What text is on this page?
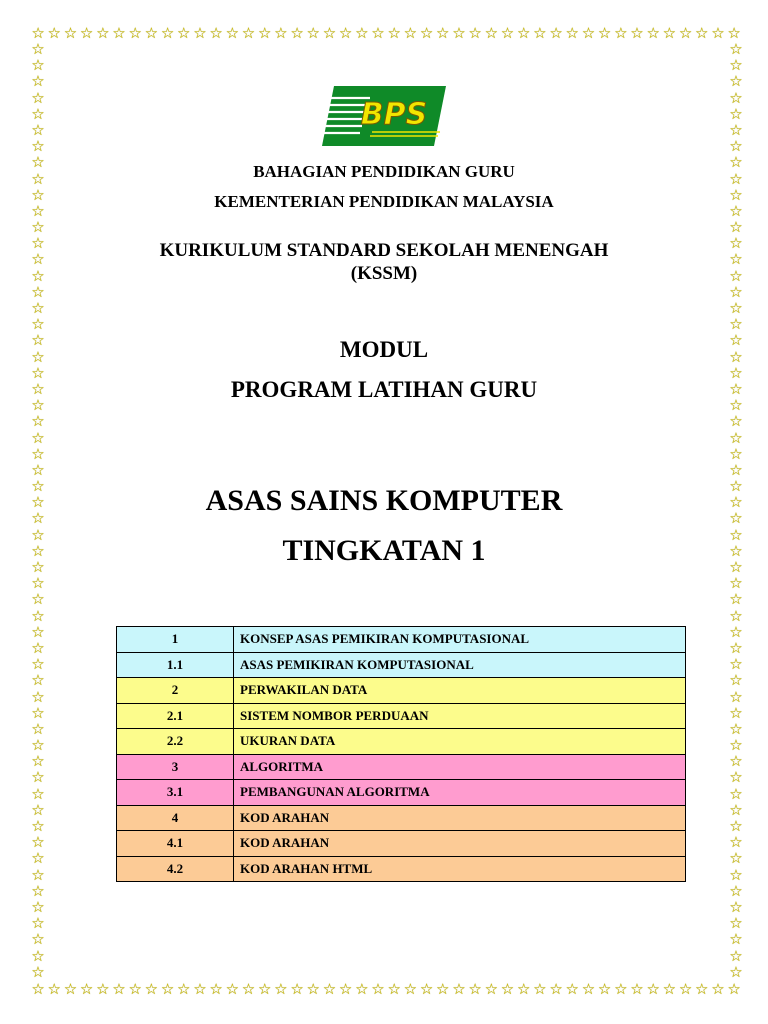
☆ ☆ ☆ ☆ ☆ ☆ ☆ ☆ ☆ ☆ ☆ ☆ ☆ ☆ ☆ ☆ ☆ ☆ ☆ ☆ ☆ ☆ ☆ ☆ ☆ ☆ ☆ ☆ ☆ ☆ ☆ ☆ ☆ ☆ ☆ ☆ ☆ ☆ ☆ ☆ ☆ ☆ ☆ ☆
☆ ☆ ☆ ☆ ☆ ☆ ☆ ☆ ☆ ☆ ☆ ☆ ☆ ☆ ☆ ☆ ☆ ☆ ☆ ☆ ☆ ☆ ☆ ☆ ☆ ☆ ☆ ☆ ☆ ☆ ☆ ☆ ☆ ☆ ☆ ☆ ☆ ☆ ☆ ☆ ☆ ☆ ☆ ☆
☆
☆
☆
☆
☆
☆
☆
☆
☆
☆
☆
☆
☆
☆
☆
☆
☆
☆
☆
☆
☆
☆
☆
☆
☆
☆
☆
☆
☆
☆
☆
☆
☆
☆
☆
☆
☆
☆
☆
☆
☆
☆
☆
☆
☆
☆
☆
☆
☆
☆
☆
☆
☆
☆
☆
☆
☆
☆
☆
☆
☆
☆
☆
☆
☆
☆
☆
☆
☆
☆
☆
☆
☆
☆
☆
☆
☆
☆
☆
☆
☆
☆
☆
☆
☆
☆
☆
☆
☆
☆
☆
☆
☆
☆
☆
☆
☆
☆
☆
☆
☆
☆
☆
☆
☆
☆
☆
☆
☆
☆
☆
☆
☆
☆
☆
☆
BPS
BAHAGIAN PENDIDIKAN GURU
KEMENTERIAN PENDIDIKAN MALAYSIA
KURIKULUM STANDARD SEKOLAH MENENGAH
(KSSM)
MODUL
PROGRAM LATIHAN GURU
ASAS SAINS KOMPUTER
TINGKATAN 1
1	KONSEP ASAS PEMIKIRAN KOMPUTASIONAL
1.1	ASAS PEMIKIRAN KOMPUTASIONAL
2	PERWAKILAN DATA
2.1	SISTEM NOMBOR PERDUAAN
2.2	UKURAN DATA
3	ALGORITMA
3.1	PEMBANGUNAN ALGORITMA
4	KOD ARAHAN
4.1	KOD ARAHAN
4.2	KOD ARAHAN HTML
